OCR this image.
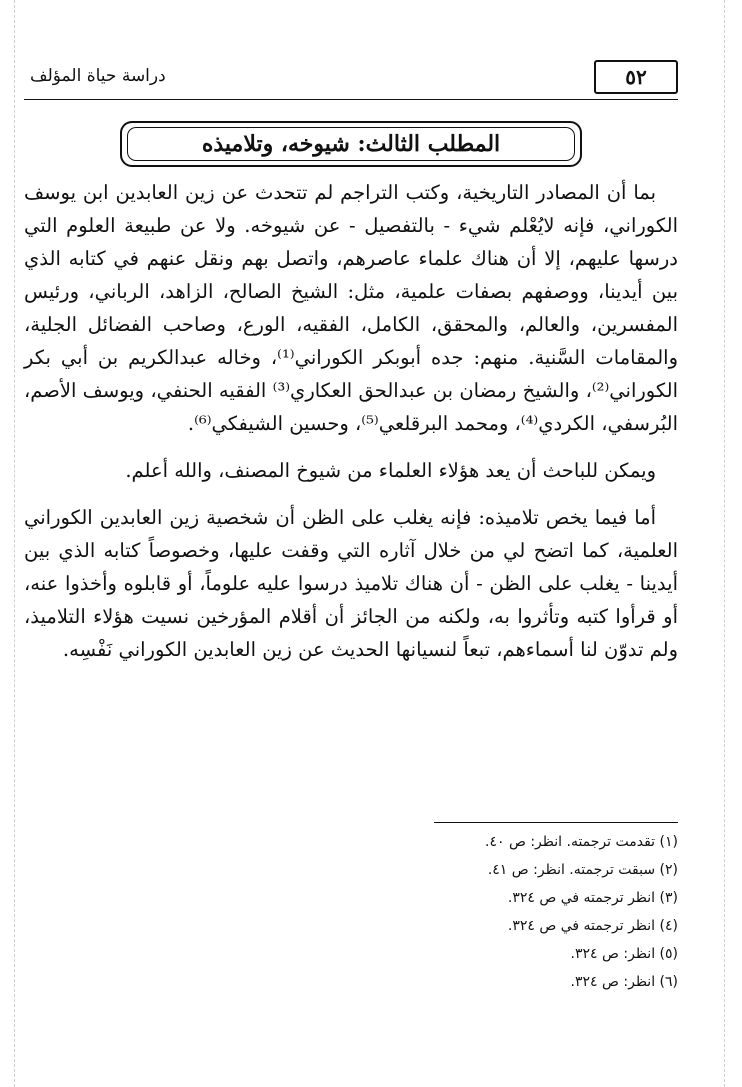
٥٢
دراسة حياة المؤلف
المطلب الثالث: شيوخه، وتلاميذه

بما أن المصادر التاريخية، وكتب التراجم لم تتحدث عن زين العابدين ابن يوسف الكوراني، فإنه لايُعْلم شيء - بالتفصيل - عن شيوخه. ولا عن طبيعة العلوم التي درسها عليهم، إلا أن هناك علماء عاصرهم، واتصل بهم ونقل عنهم في كتابه الذي بين أيدينا، ووصفهم بصفات علمية، مثل: الشيخ الصالح، الزاهد، الرباني، ورئيس المفسرين، والعالم، والمحقق، الكامل، الفقيه، الورع، وصاحب الفضائل الجلية، والمقامات السَّنية. منهم: جده أبوبكر الكوراني⁽¹⁾، وخاله عبدالكريم بن أبي بكر الكوراني⁽²⁾، والشيخ رمضان بن عبدالحق العكاري⁽³⁾ الفقيه الحنفي، ويوسف الأصم، البُرسفي، الكردي⁽⁴⁾، ومحمد البرقلعي⁽⁵⁾، وحسين الشيفكي⁽⁶⁾.

ويمكن للباحث أن يعد هؤلاء العلماء من شيوخ المصنف، والله أعلم.

أما فيما يخص تلاميذه: فإنه يغلب على الظن أن شخصية زين العابدين الكوراني العلمية، كما اتضح لي من خلال آثاره التي وقفت عليها، وخصوصاً كتابه الذي بين أيدينا - يغلب على الظن - أن هناك تلاميذ درسوا عليه علوماً، أو قابلوه وأخذوا عنه، أو قرأوا كتبه وتأثروا به، ولكنه من الجائز أن أقلام المؤرخين نسيت هؤلاء التلاميذ، ولم تدوّن لنا أسماءهم، تبعاً لنسيانها الحديث عن زين العابدين الكوراني نَفْسِه.

(١) تقدمت ترجمته. انظر: ص ٤٠.
(٢) سبقت ترجمته. انظر: ص ٤١.
(٣) انظر ترجمته في ص ٣٢٤.
(٤) انظر ترجمته في ص ٣٢٤.
(٥) انظر: ص ٣٢٤.
(٦) انظر: ص ٣٢٤.
